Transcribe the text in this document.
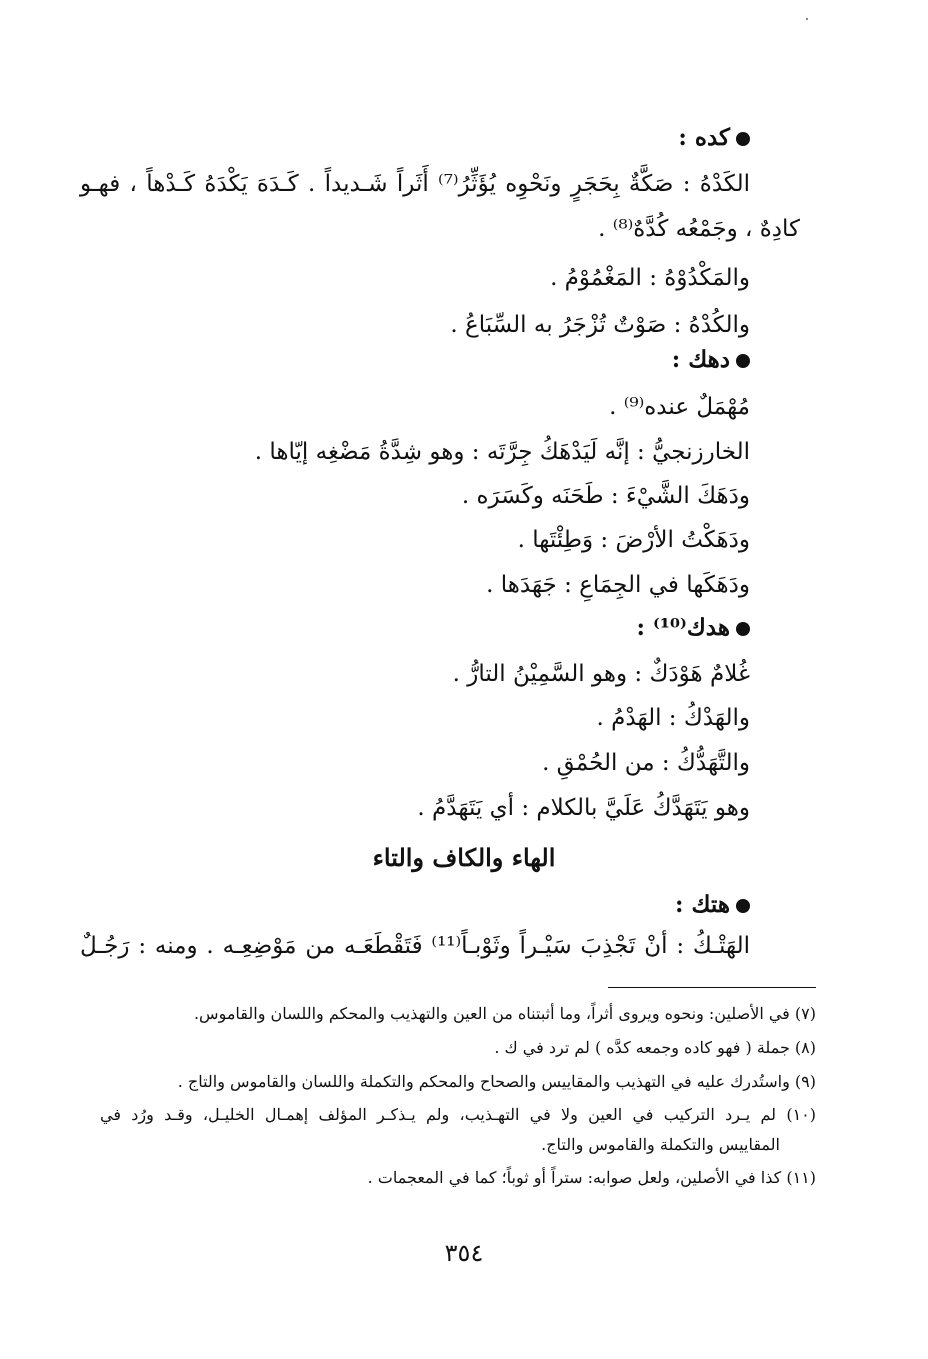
كده :
الكَدْهُ : صَكَّةٌ بِحَجَرٍ ونَحْوِه يُؤَثِّرُ⁽⁷⁾ أَثَراً شَـديداً . كَـدَهَ يَكْدَهُ كَـدْهاً ، فهـو
كادِهٌ ، وجَمْعُه كُدَّهٌ⁽⁸⁾ .
والمَكْدُوْهُ : المَغْمُوْمُ .
والكُدْهُ : صَوْتٌ تُزْجَرُ به السِّبَاعُ .
دهك :
مُهْمَلٌ عنده⁽⁹⁾ .
الخارزنجيُّ : إنَّه لَيَدْهَكُ جِرَّتَه : وهو شِدَّةُ مَضْغِه إيّاها .
ودَهَكَ الشَّيْءَ : طَحَنَه وكَسَرَه .
ودَهَكْتُ الأرْضَ : وَطِئْتَها .
ودَهَكَها في الجِمَاعِ : جَهَدَها .
هدك⁽¹⁰⁾ :
غُلامٌ هَوْدَكٌ : وهو السَّمِيْنُ التارُّ .
والهَدْكُ : الهَدْمُ .
والتَّهَدُّكُ : من الحُمْقِ .
وهو يَتَهَدَّكُ عَلَيَّ بالكلام : أي يَتَهَدَّمُ .
الهاء والكاف والتاء
هتك :
الهَتْـكُ : أنْ تَجْذِبَ سَيْـراً وثَوْبـاً⁽¹¹⁾ فَتَقْطَعَـه من مَوْضِعِـه . ومنه : رَجُـلٌ
(٧) في الأصلين: ونحوه ويروى أثراً، وما أثبتناه من العين والتهذيب والمحكم واللسان والقاموس.
(٨) جملة ( فهو كاده وجمعه كدَّه ) لم ترد في ك .
(٩) واستُدرك عليه في التهذيب والمقاييس والصحاح والمحكم والتكملة واللسان والقاموس والتاج .
(١٠) لم يـرد التركيب في العين ولا في التهـذيب، ولم يـذكـر المؤلف إهمـال الخليـل، وقـد ورُد في
المقاييس والتكملة والقاموس والتاج.
(١١) كذا في الأصلين، ولعل صوابه: ستراً أو ثوباً؛ كما في المعجمات .
٣٥٤
